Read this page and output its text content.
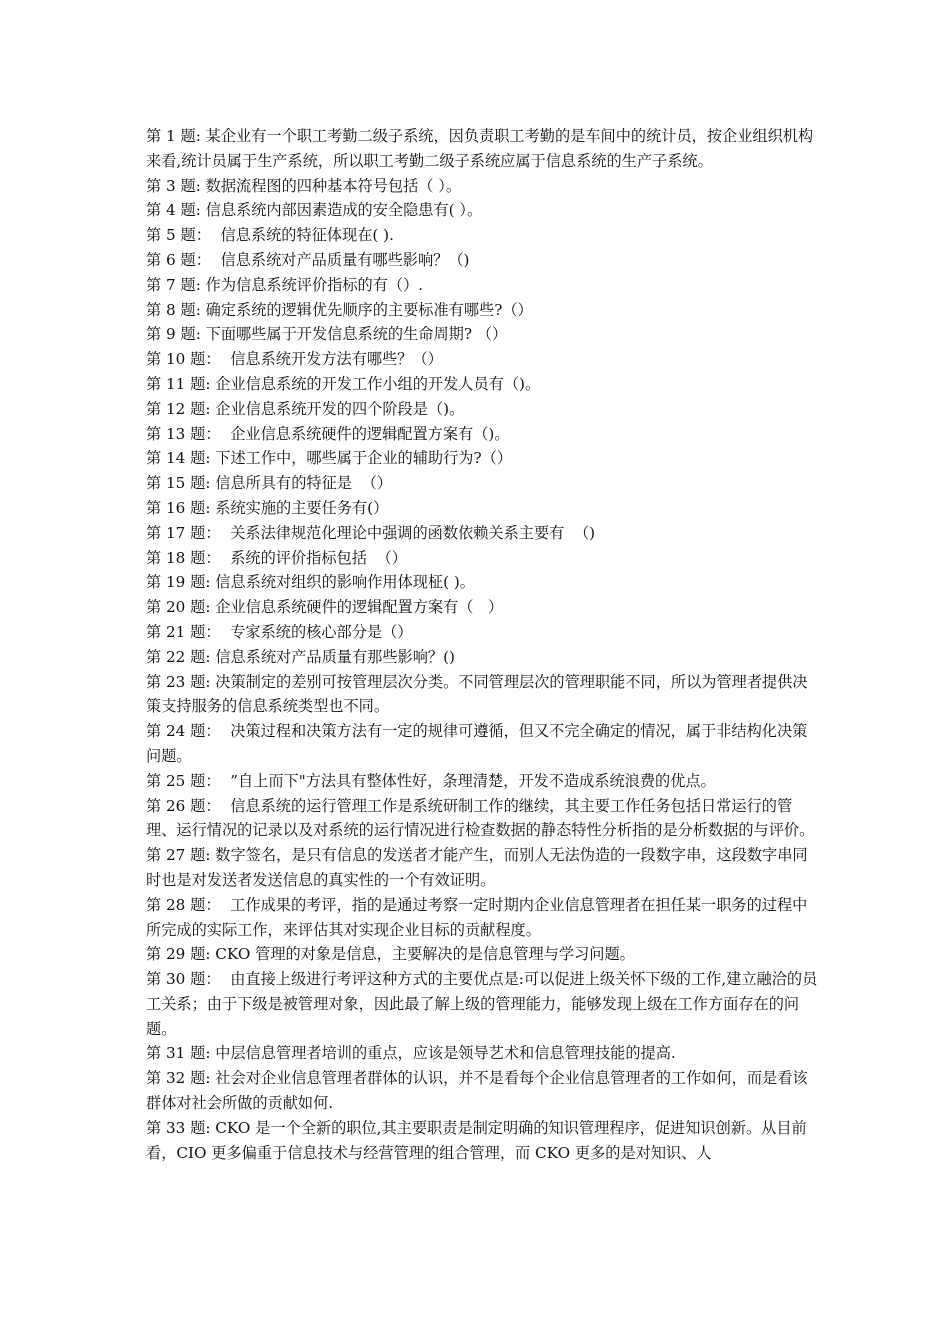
第 1 题: 某企业有一个职工考勤二级子系统，因负责职工考勤的是车间中的统计员，按企业组织机构来看,统计员属于生产系统，所以职工考勤二级子系统应属于信息系统的生产子系统。

第 3 题: 数据流程图的四种基本符号包括（ ）。

第 4 题: 信息系统内部因素造成的安全隐患有( ）。

第 5 题：  信息系统的特征体现在( ).

第 6 题：  信息系统对产品质量有哪些影响？（)

第 7 题: 作为信息系统评价指标的有（）.

第 8 题: 确定系统的逻辑优先顺序的主要标准有哪些?（）

第 9 题: 下面哪些属于开发信息系统的生命周期? （）

第 10 题：  信息系统开发方法有哪些？（）

第 11 题: 企业信息系统的开发工作小组的开发人员有（)。

第 12 题: 企业信息系统开发的四个阶段是（)。

第 13 题：  企业信息系统硬件的逻辑配置方案有（)。

第 14 题: 下述工作中，哪些属于企业的辅助行为?（）

第 15 题: 信息所具有的特征是  （）

第 16 题: 系统实施的主要任务有(）

第 17 题：  关系法律规范化理论中强调的函数依赖关系主要有  （)

第 18 题：  系统的评价指标包括  （）

第 19 题: 信息系统对组织的影响作用体现柾( )。

第 20 题: 企业信息系统硬件的逻辑配置方案有（   ）

第 21 题：  专家系统的核心部分是（）

第 22 题: 信息系统对产品质量有那些影响？()

第 23 题: 决策制定的差别可按管理层次分类。不同管理层次的管理职能不同，所以为管理者提供决策支持服务的信息系统类型也不同。

第 24 题：  决策过程和决策方法有一定的规律可遵循，但又不完全确定的情况，属于非结构化决策问题。

第 25 题：  ”自上而下"方法具有整体性好，条理清楚，开发不造成系统浪费的优点。

第 26 题：  信息系统的运行管理工作是系统研制工作的继续，其主要工作任务包括日常运行的管理、运行情况的记录以及对系统的运行情况进行检查数据的静态特性分析指的是分析数据的与评价。

第 27 题: 数字签名，是只有信息的发送者才能产生，而别人无法伪造的一段数字串，这段数字串同时也是对发送者发送信息的真实性的一个有效证明。

第 28 题：  工作成果的考评，指的是通过考察一定时期内企业信息管理者在担任某一职务的过程中所完成的实际工作，来评估其对实现企业目标的贡献程度。

第 29 题: CKO 管理的对象是信息，主要解决的是信息管理与学习问题。

第 30 题：  由直接上级进行考评这种方式的主要优点是:可以促进上级关怀下级的工作,建立融洽的员工关系；由于下级是被管理对象，因此最了解上级的管理能力，能够发现上级在工作方面存在的问题。

第 31 题: 中层信息管理者培训的重点，应该是领导艺术和信息管理技能的提高.

第 32 题: 社会对企业信息管理者群体的认识，并不是看每个企业信息管理者的工作如何，而是看该群体对社会所做的贡献如何.

第 33 题: CKO 是一个全新的职位,其主要职责是制定明确的知识管理程序，促进知识创新。从目前看，CIO 更多偏重于信息技术与经营管理的组合管理，而 CKO 更多的是对知识、人
